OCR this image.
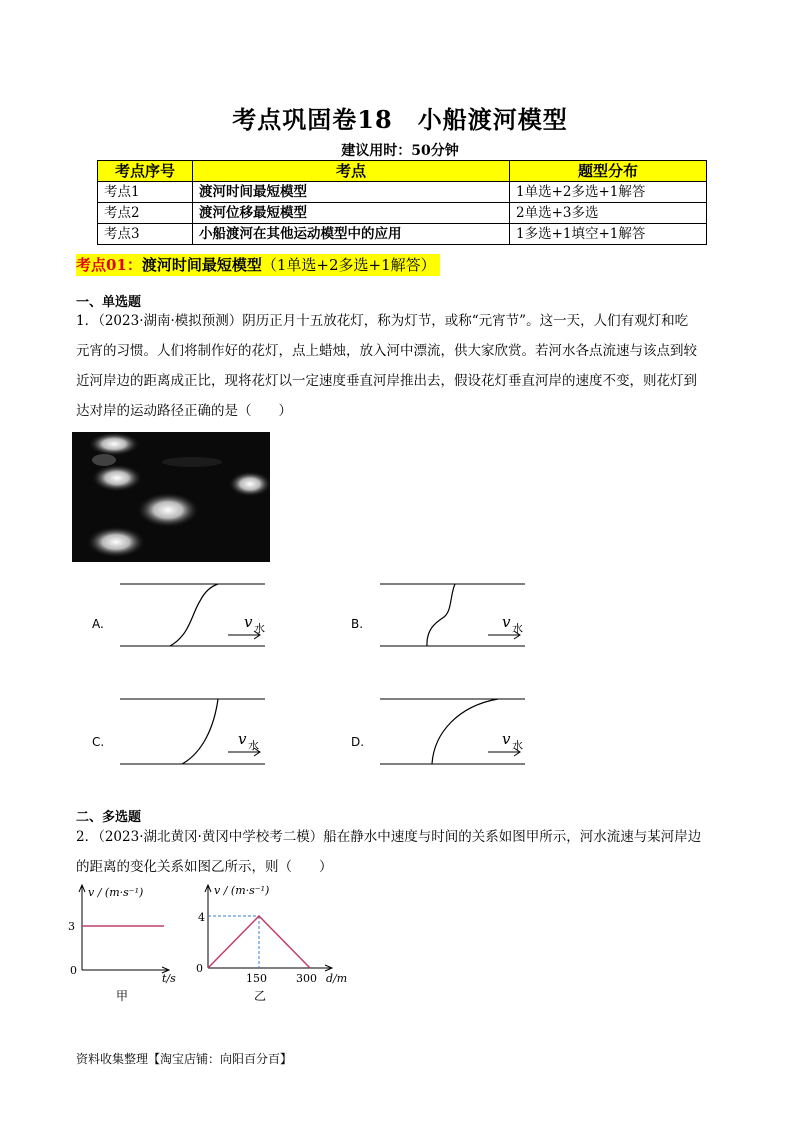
考点巩固卷18　小船渡河模型
建议用时：50分钟
考点序号	考点	题型分布
考点1	渡河时间最短模型	1单选+2多选+1解答
考点2	渡河位移最短模型	2单选+3多选
考点3	小船渡河在其他运动模型中的应用	1多选+1填空+1解答
考点01：渡河时间最短模型（1单选+2多选+1解答）
一、单选题
1．（2023·湖南·模拟预测）阴历正月十五放花灯，称为灯节，或称“元宵节”。这一天，人们有观灯和吃
元宵的习惯。人们将制作好的花灯，点上蜡烛，放入河中漂流，供大家欣赏。若河水各点流速与该点到较
近河岸边的距离成正比，现将花灯以一定速度垂直河岸推出去，假设花灯垂直河岸的速度不变，则花灯到
达对岸的运动路径正确的是（　　）
A.	v 水	B.	v 水
C.	v 水	D.	v 水
二、多选题
2．（2023·湖北黄冈·黄冈中学校考二模）船在静水中速度与时间的关系如图甲所示，河水流速与某河岸边
的距离的变化关系如图乙所示，则（　　）
v / (m·s⁻¹)
3
0
t/s
甲
v / (m·s⁻¹)
4
0
150	300 d/m
乙
资料收集整理【淘宝店铺：向阳百分百】
